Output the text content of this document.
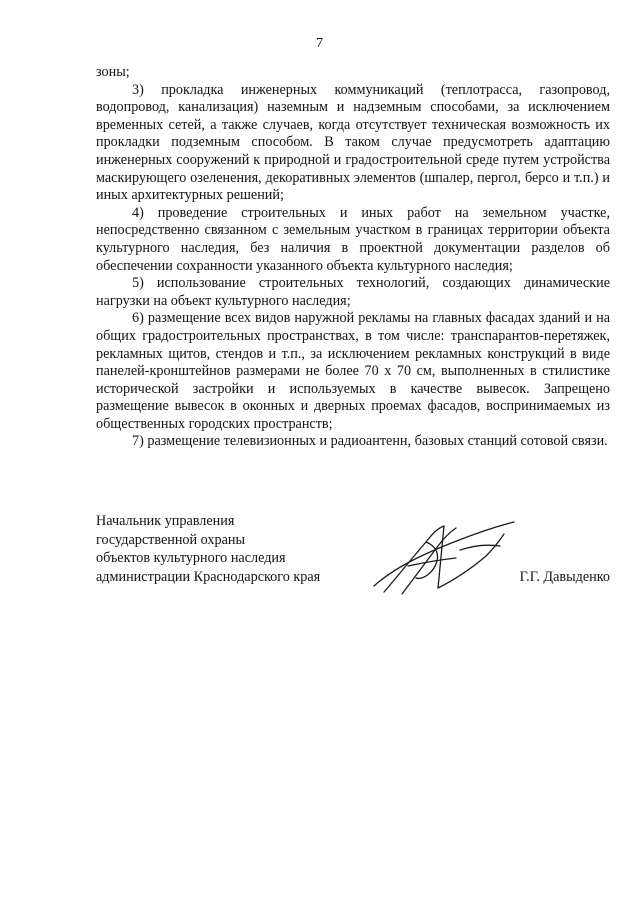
7

зоны;

3) прокладка инженерных коммуникаций (теплотрасса, газопровод, водопровод, канализация) наземным и надземным способами, за исключением временных сетей, а также случаев, когда отсутствует техническая возможность их прокладки подземным способом. В таком случае предусмотреть адаптацию инженерных сооружений к природной и градостроительной среде путем устройства маскирующего озеленения, декоративных элементов (шпалер, пергол, берсо и т.п.) и иных архитектурных решений;

4) проведение строительных и иных работ на земельном участке, непосредственно связанном с земельным участком в границах территории объекта культурного наследия, без наличия в проектной документации разделов об обеспечении сохранности указанного объекта культурного наследия;

5) использование строительных технологий, создающих динамические нагрузки на объект культурного наследия;

6) размещение всех видов наружной рекламы на главных фасадах зданий и на общих градостроительных пространствах, в том числе: транспарантов-перетяжек, рекламных щитов, стендов и т.п., за исключением рекламных конструкций в виде панелей-кронштейнов размерами не более 70 х 70 см, выполненных в стилистике исторической застройки и используемых в качестве вывесок. Запрещено размещение вывесок в оконных и дверных проемах фасадов, воспринимаемых из общественных городских пространств;

7) размещение телевизионных и радиоантенн, базовых станций сотовой связи.

Начальник управления
государственной охраны
объектов культурного наследия
администрации Краснодарского края	Г.Г. Давыденко
